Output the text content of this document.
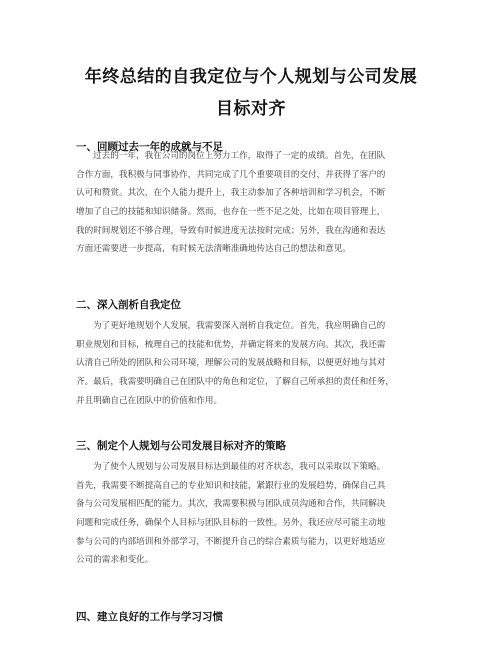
年终总结的自我定位与个人规划与公司发展
目标对齐
一、回顾过去一年的成就与不足
过去的一年，我在公司的岗位上努力工作，取得了一定的成绩。首先，在团队
合作方面，我积极与同事协作，共同完成了几个重要项目的交付，并获得了客户的
认可和赞赏。其次，在个人能力提升上，我主动参加了各种培训和学习机会，不断
增加了自己的技能和知识储备。然而，也存在一些不足之处，比如在项目管理上，
我的时间规划还不够合理，导致有时候进度无法按时完成；另外，我在沟通和表达
方面还需要进一步提高，有时候无法清晰准确地传达自己的想法和意见。
二、深入剖析自我定位
为了更好地规划个人发展，我需要深入剖析自我定位。首先，我应明确自己的
职业规划和目标，梳理自己的技能和优势，并确定将来的发展方向。其次，我还需
认清自己所处的团队和公司环境，理解公司的发展战略和目标，以便更好地与其对
齐。最后，我需要明确自己在团队中的角色和定位，了解自己所承担的责任和任务，
并且明确自己在团队中的价值和作用。
三、制定个人规划与公司发展目标对齐的策略
为了使个人规划与公司发展目标达到最佳的对齐状态，我可以采取以下策略。
首先，我需要不断提高自己的专业知识和技能，紧跟行业的发展趋势，确保自己具
备与公司发展相匹配的能力。其次，我需要积极与团队成员沟通和合作，共同解决
问题和完成任务，确保个人目标与团队目标的一致性。另外，我还应尽可能主动地
参与公司的内部培训和外部学习，不断提升自己的综合素质与能力，以更好地适应
公司的需求和变化。
四、建立良好的工作与学习习惯
